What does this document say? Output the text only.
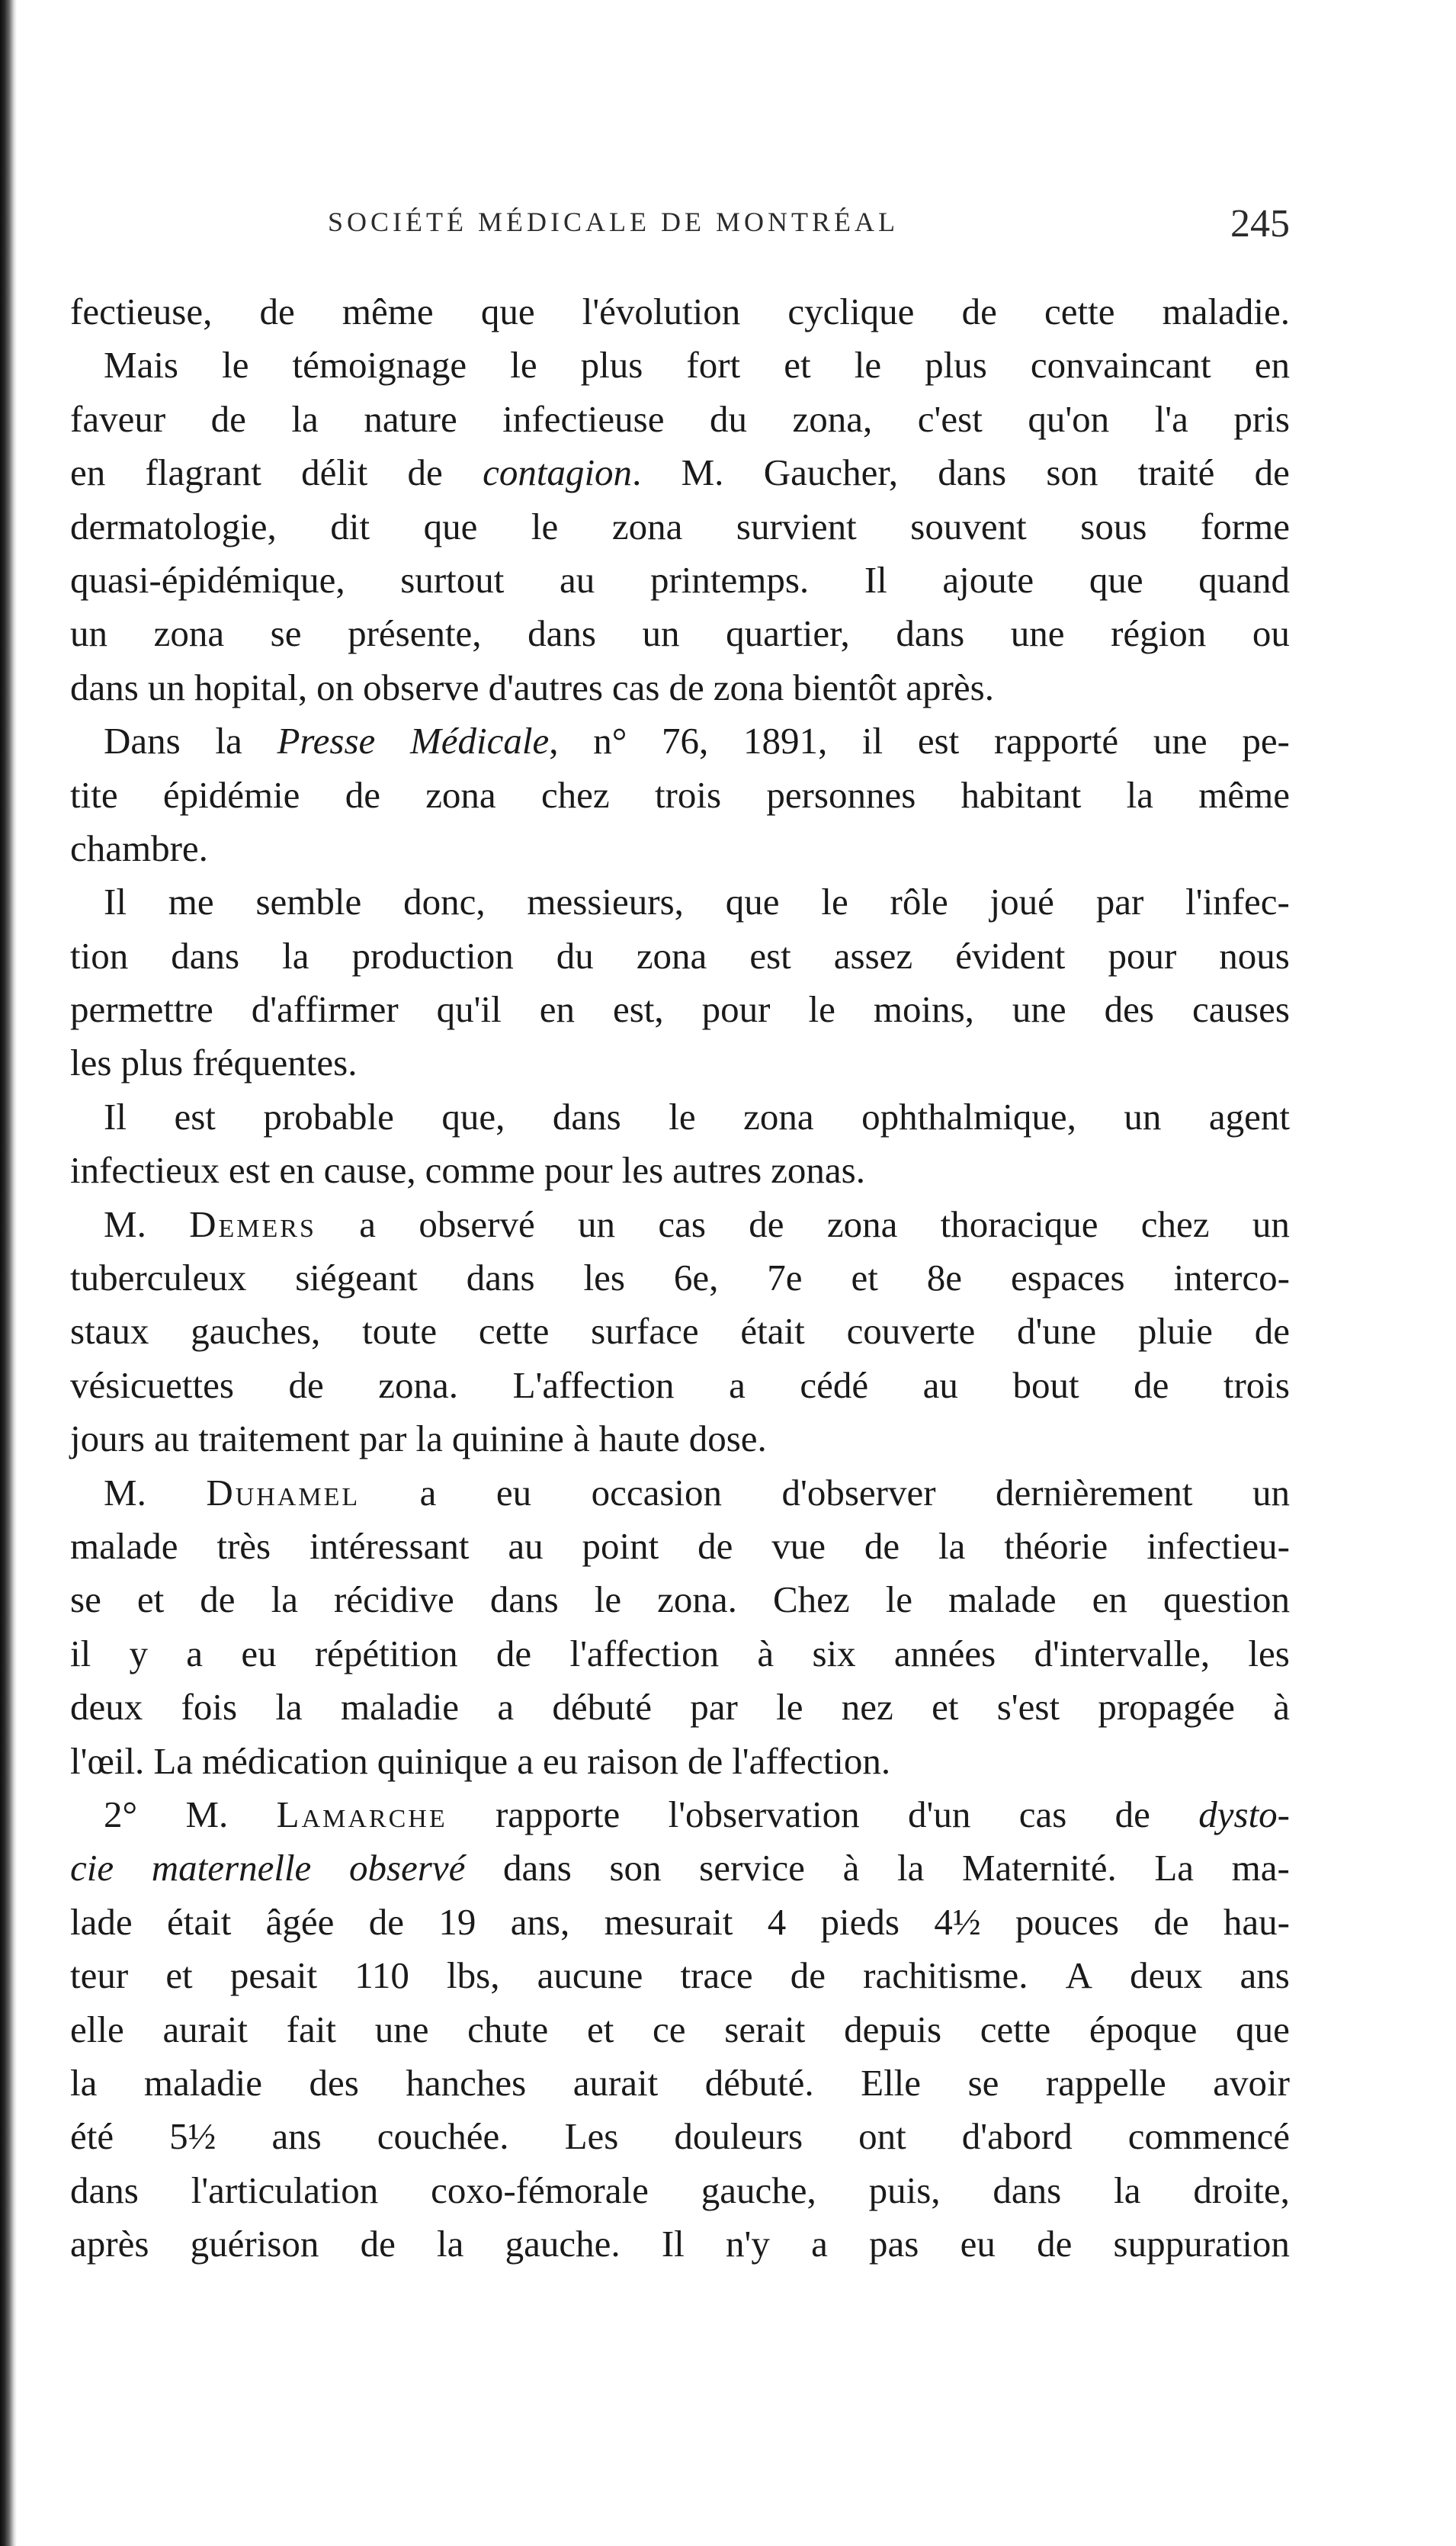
SOCIÉTÉ MÉDICALE DE MONTRÉAL	245
fectieuse, de même que l'évolution cyclique de cette maladie.
Mais le témoignage le plus fort et le plus convaincant en
faveur de la nature infectieuse du zona, c'est qu'on l'a pris
en flagrant délit de contagion. M. Gaucher, dans son traité de
dermatologie, dit que le zona survient souvent sous forme
quasi-épidémique, surtout au printemps. Il ajoute que quand
un zona se présente, dans un quartier, dans une région ou
dans un hopital, on observe d'autres cas de zona bientôt après.
Dans la Presse Médicale, n° 76, 1891, il est rapporté une pe-
tite épidémie de zona chez trois personnes habitant la même
chambre.
Il me semble donc, messieurs, que le rôle joué par l'infec-
tion dans la production du zona est assez évident pour nous
permettre d'affirmer qu'il en est, pour le moins, une des causes
les plus fréquentes.
Il est probable que, dans le zona ophthalmique, un agent
infectieux est en cause, comme pour les autres zonas.
M. Demers a observé un cas de zona thoracique chez un
tuberculeux siégeant dans les 6e, 7e et 8e espaces interco-
staux gauches, toute cette surface était couverte d'une pluie de
vésicuettes de zona. L'affection a cédé au bout de trois
jours au traitement par la quinine à haute dose.
M. Duhamel a eu occasion d'observer dernièrement un
malade très intéressant au point de vue de la théorie infectieu-
se et de la récidive dans le zona. Chez le malade en question
il y a eu répétition de l'affection à six années d'intervalle, les
deux fois la maladie a débuté par le nez et s'est propagée à
l'œil. La médication quinique a eu raison de l'affection.
2° M. Lamarche rapporte l'observation d'un cas de dysto-
cie maternelle observé dans son service à la Maternité. La ma-
lade était âgée de 19 ans, mesurait 4 pieds 4½ pouces de hau-
teur et pesait 110 lbs, aucune trace de rachitisme. A deux ans
elle aurait fait une chute et ce serait depuis cette époque que
la maladie des hanches aurait débuté. Elle se rappelle avoir
été 5½ ans couchée. Les douleurs ont d'abord commencé
dans l'articulation coxo-fémorale gauche, puis, dans la droite,
après guérison de la gauche. Il n'y a pas eu de suppuration
